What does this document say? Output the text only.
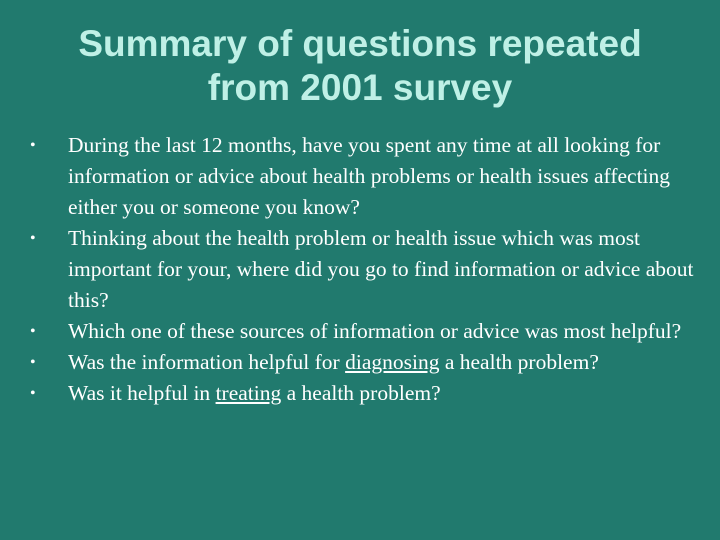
Summary of questions repeated
from 2001 survey
• During the last 12 months, have you spent any time at all looking for information or advice about health problems or health issues affecting either you or someone you know?
• Thinking about the health problem or health issue which was most important for your, where did you go to find information or advice about this?
• Which one of these sources of information or advice was most helpful?
• Was the information helpful for diagnosing a health problem?
• Was it helpful in treating a health problem?
